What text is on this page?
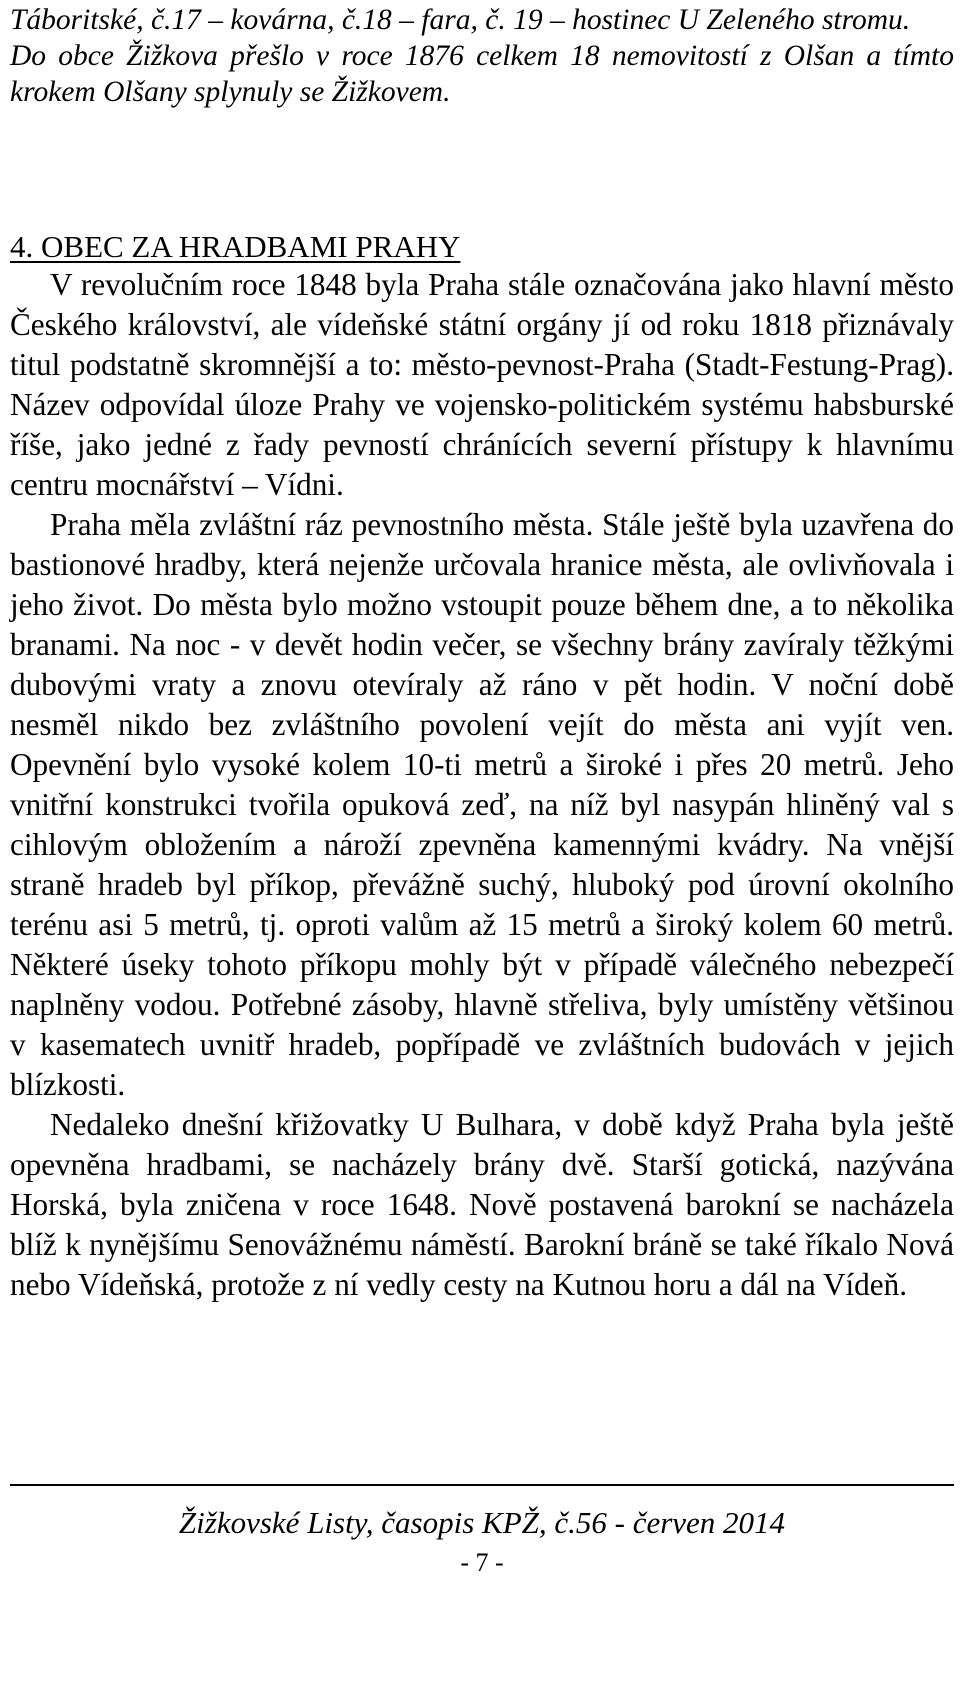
Táboritské, č.17 – kovárna, č.18 – fara, č. 19 – hostinec U Zeleného stromu.
Do obce Žižkova přešlo v roce 1876 celkem 18 nemovitostí z Olšan a tímto krokem Olšany splynuly se Žižkovem.
4. OBEC ZA HRADBAMI PRAHY

V revolučním roce 1848 byla Praha stále označována jako hlavní město Českého království, ale vídeňské státní orgány jí od roku 1818 přiznávaly titul podstatně skromnější a to: město-pevnost-Praha (Stadt-Festung-Prag). Název odpovídal úloze Prahy ve vojensko-politickém systému habsburské říše, jako jedné z řady pevností chránících severní přístupy k hlavnímu centru mocnářství – Vídni.

Praha měla zvláštní ráz pevnostního města. Stále ještě byla uzavřena do bastionové hradby, která nejenže určovala hranice města, ale ovlivňovala i jeho život. Do města bylo možno vstoupit pouze během dne, a to několika branami. Na noc - v devět hodin večer, se všechny brány zavíraly těžkými dubovými vraty a znovu otevíraly až ráno v pět hodin. V noční době nesměl nikdo bez zvláštního povolení vejít do města ani vyjít ven. Opevnění bylo vysoké kolem 10-ti metrů a široké i přes 20 metrů. Jeho vnitřní konstrukci tvořila opuková zeď, na níž byl nasypán hliněný val s cihlovým obložením a nároží zpevněna kamennými kvádry. Na vnější straně hradeb byl příkop, převážně suchý, hluboký pod úrovní okolního terénu asi 5 metrů, tj. oproti valům až 15 metrů a široký kolem 60 metrů. Některé úseky tohoto příkopu mohly být v případě válečného nebezpečí naplněny vodou. Potřebné zásoby, hlavně střeliva, byly umístěny většinou v kasematech uvnitř hradeb, popřípadě ve zvláštních budovách v jejich blízkosti.

Nedaleko dnešní křižovatky U Bulhara, v době když Praha byla ještě opevněna hradbami, se nacházely brány dvě. Starší gotická, nazývána Horská, byla zničena v roce 1648. Nově postavená barokní se nacházela blíž k nynějšímu Senovážnému náměstí. Barokní bráně se také říkalo Nová nebo Vídeňská, protože z ní vedly cesty na Kutnou horu a dál na Vídeň.

Žižkovské Listy, časopis KPŽ, č.56 - červen 2014
- 7 -
